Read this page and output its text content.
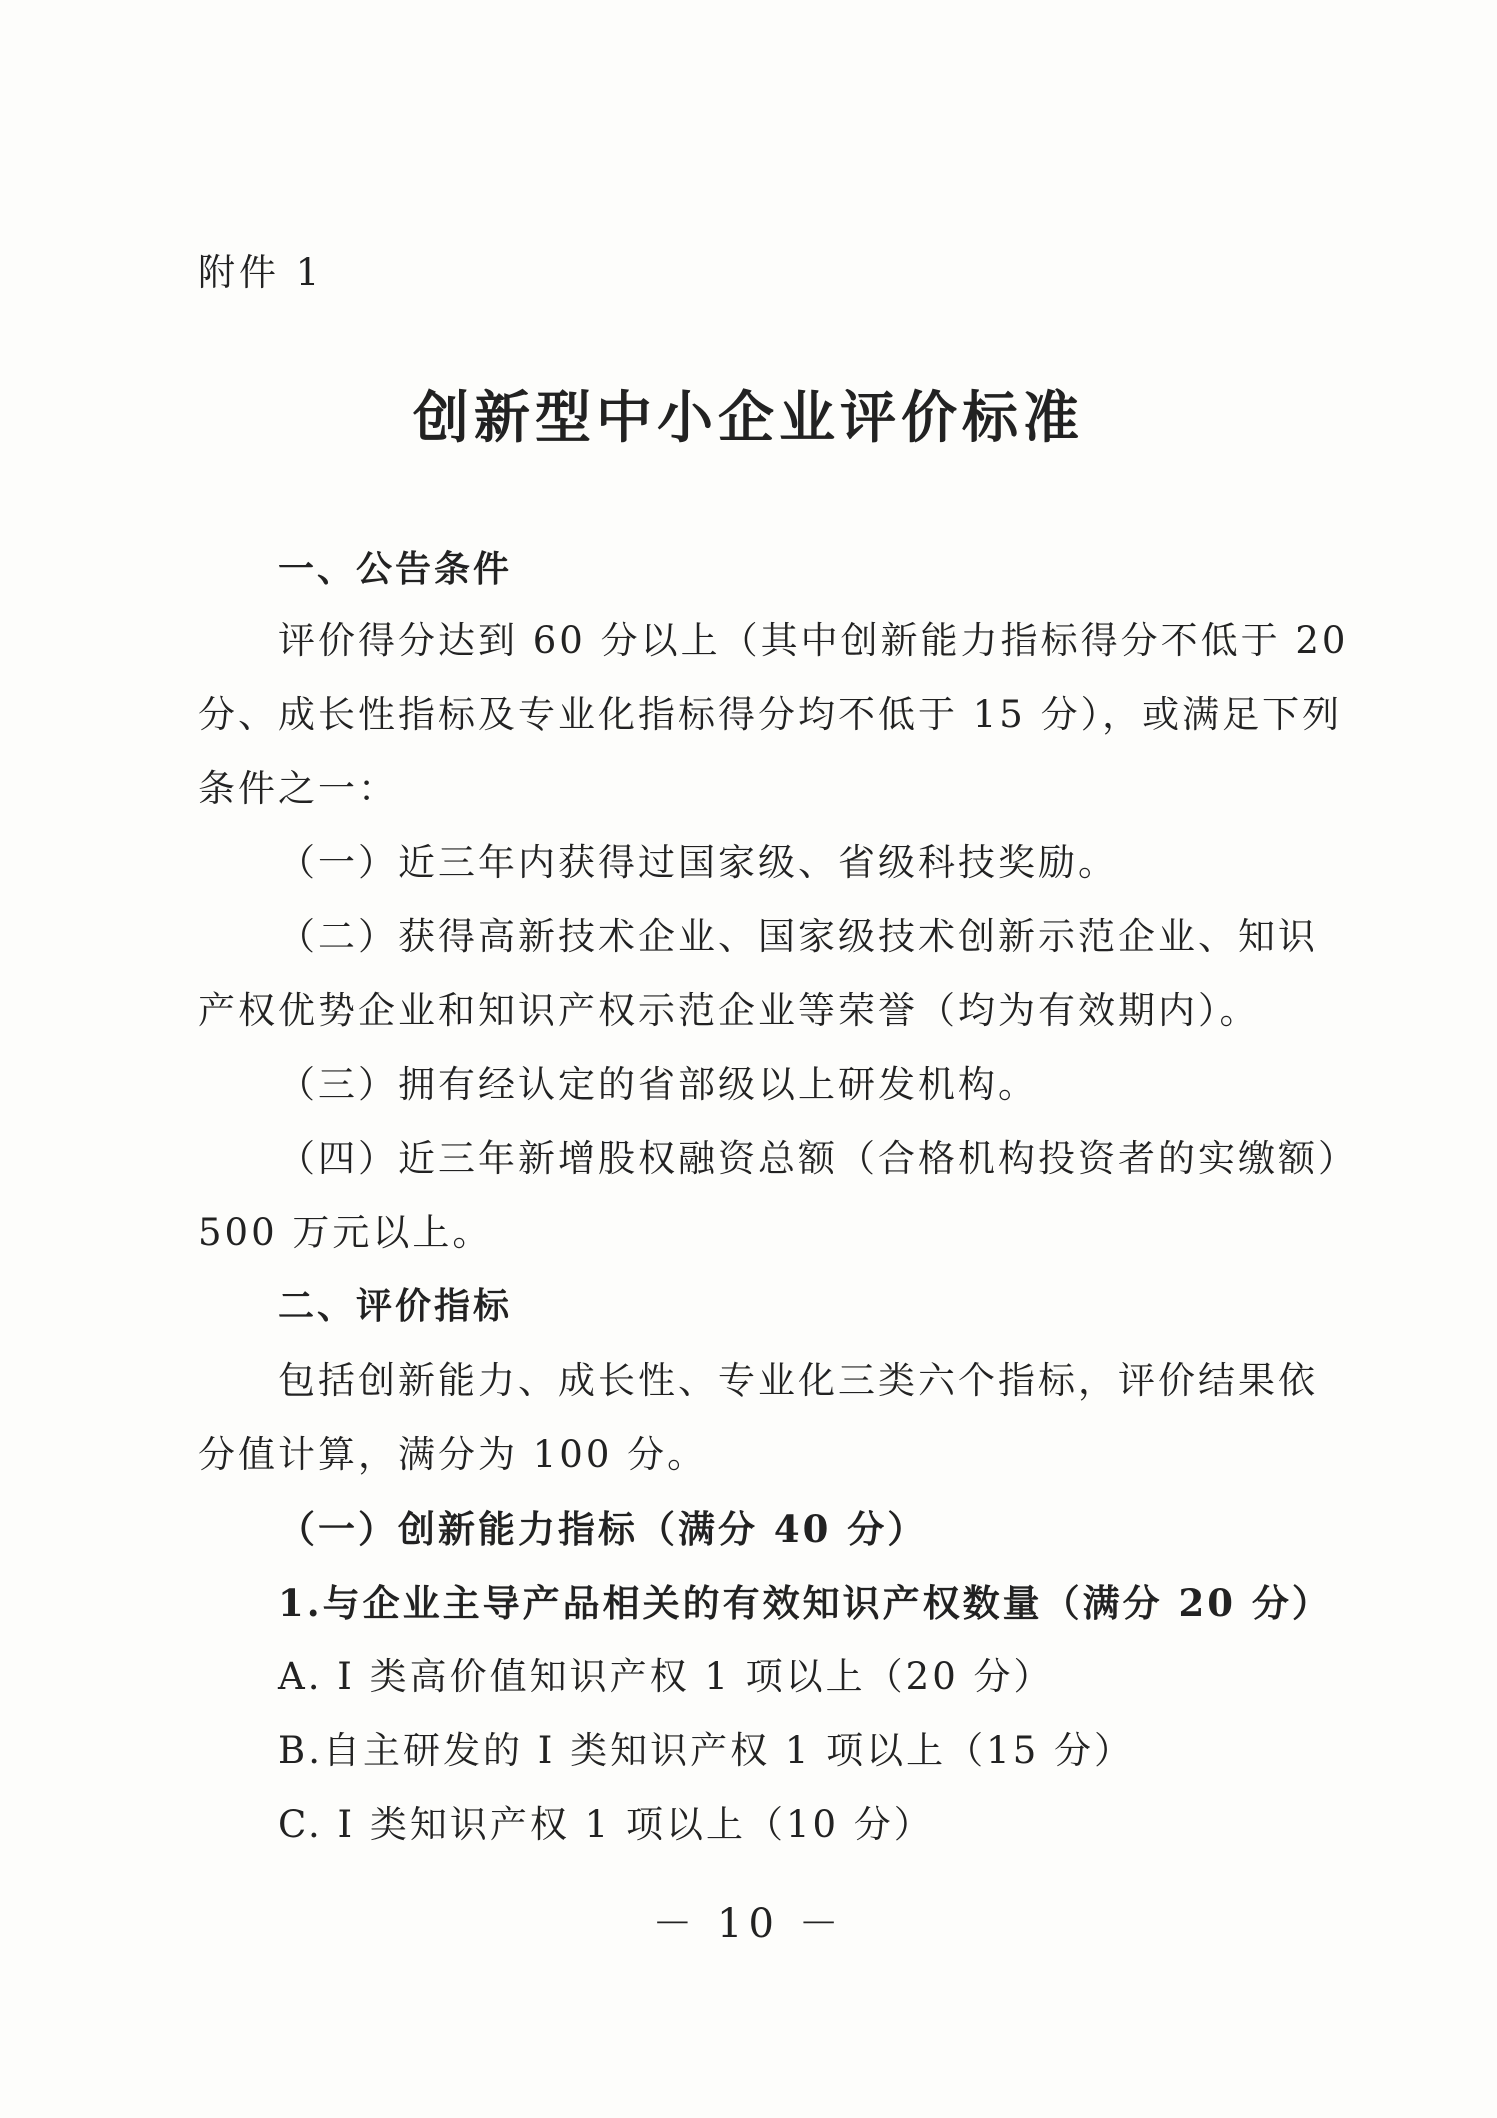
附件 1
创新型中小企业评价标准
一、公告条件
评价得分达到 60 分以上（其中创新能力指标得分不低于 20
分、成长性指标及专业化指标得分均不低于 15 分），或满足下列
条件之一：
（一）近三年内获得过国家级、省级科技奖励。
（二）获得高新技术企业、国家级技术创新示范企业、知识
产权优势企业和知识产权示范企业等荣誉（均为有效期内）。
（三）拥有经认定的省部级以上研发机构。
（四）近三年新增股权融资总额（合格机构投资者的实缴额）
500 万元以上。
二、评价指标
包括创新能力、成长性、专业化三类六个指标，评价结果依
分值计算，满分为 100 分。
（一）创新能力指标（满分 40 分）
1.与企业主导产品相关的有效知识产权数量（满分 20 分）
A. Ⅰ 类高价值知识产权 1 项以上（20 分）
B.自主研发的 Ⅰ 类知识产权 1 项以上（15 分）
C. Ⅰ 类知识产权 1 项以上（10 分）
－ 10 －
